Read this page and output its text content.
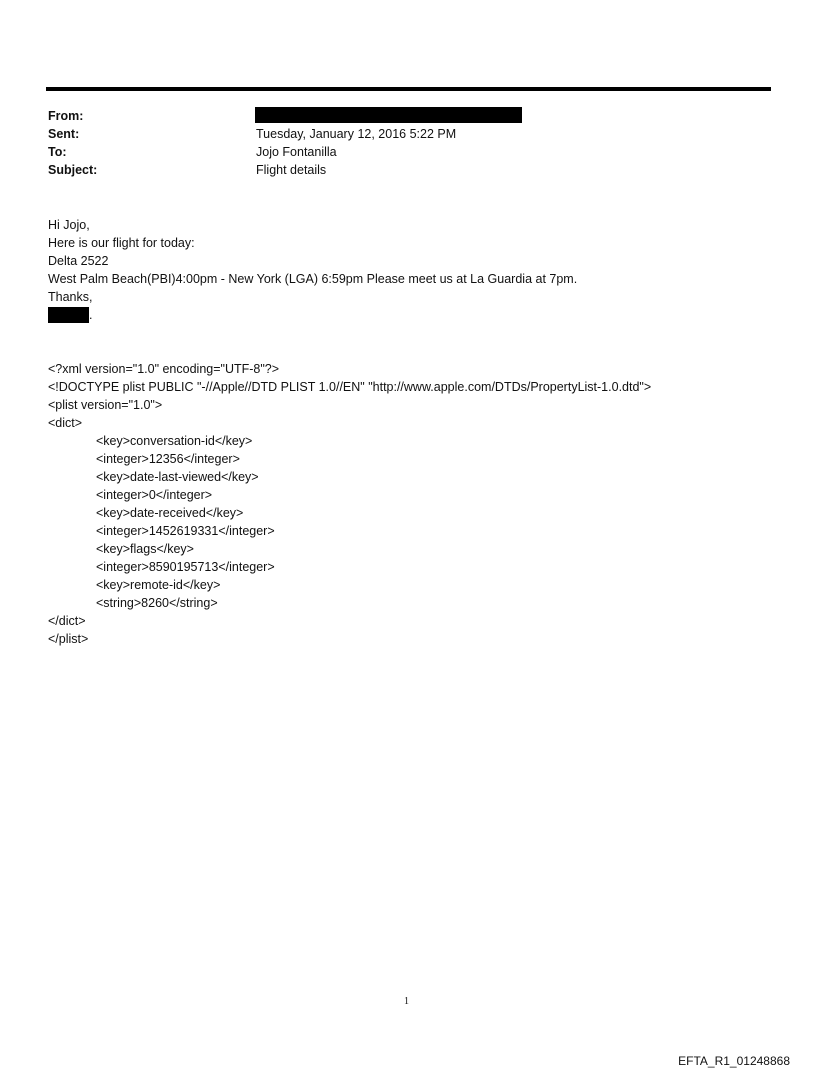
From:
Sent:	Tuesday, January 12, 2016 5:22 PM
To:	Jojo Fontanilla
Subject:	Flight details
Hi Jojo,
Here is our flight for today:
Delta 2522
West Palm Beach(PBI)4:00pm - New York (LGA) 6:59pm Please meet us at La Guardia at 7pm.
Thanks,
.
<?xml version="1.0" encoding="UTF-8"?>
<!DOCTYPE plist PUBLIC "-//Apple//DTD PLIST 1.0//EN" "http://www.apple.com/DTDs/PropertyList-1.0.dtd">
<plist version="1.0">
<dict>
<key>conversation-id</key>
<integer>12356</integer>
<key>date-last-viewed</key>
<integer>0</integer>
<key>date-received</key>
<integer>1452619331</integer>
<key>flags</key>
<integer>8590195713</integer>
<key>remote-id</key>
<string>8260</string>
</dict>
</plist>
1
EFTA_R1_01248868
